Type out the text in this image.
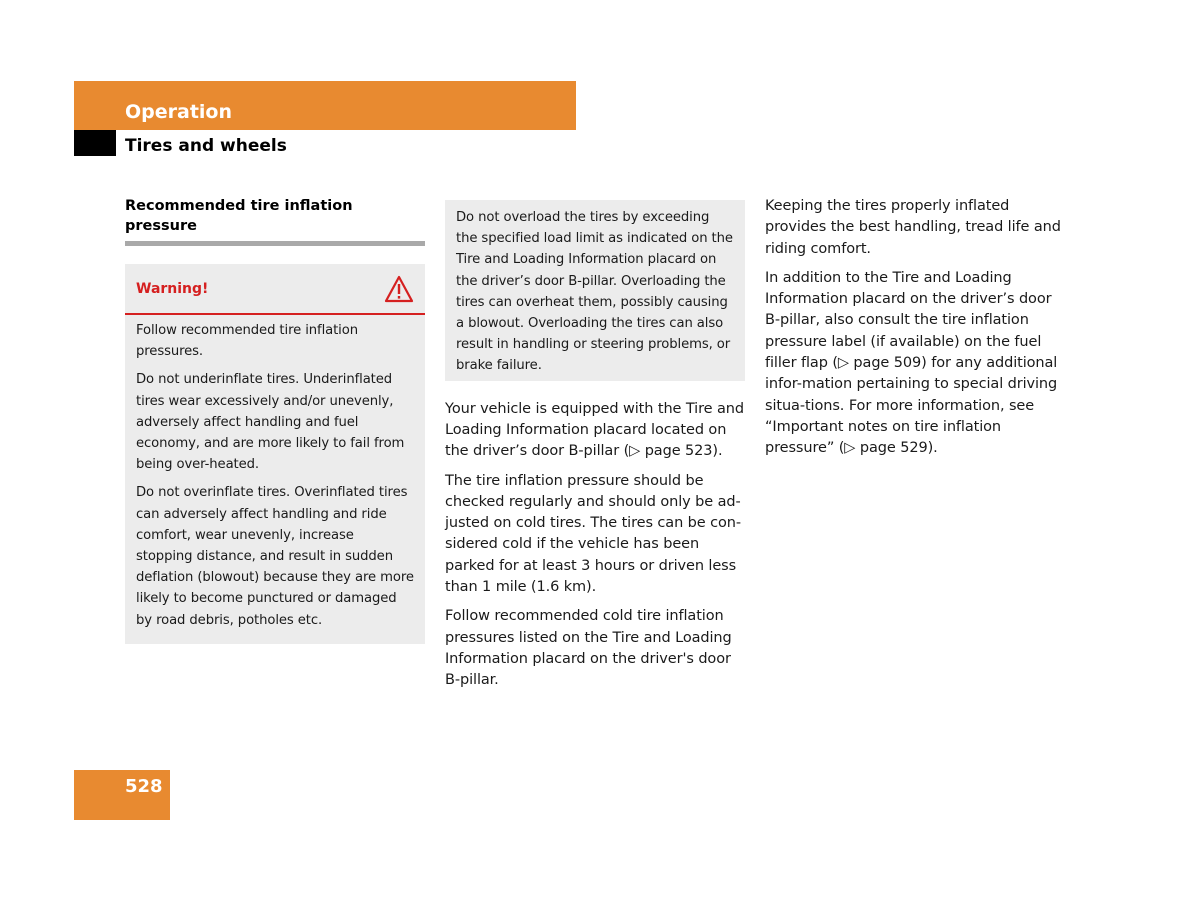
Operation
Tires and wheels
Recommended tire inflation pressure
Warning!

Follow recommended tire inflation pressures.

Do not underinflate tires. Underinflated tires wear excessively and/or unevenly, adversely affect handling and fuel economy, and are more likely to fail from being over-heated.

Do not overinflate tires. Overinflated tires can adversely affect handling and ride comfort, wear unevenly, increase stopping distance, and result in sudden deflation (blowout) because they are more likely to become punctured or damaged by road debris, potholes etc.

Do not overload the tires by exceeding the specified load limit as indicated on the Tire and Loading Information placard on the driver’s door B-pillar. Overloading the tires can overheat them, possibly causing a blowout. Overloading the tires can also result in handling or steering problems, or brake failure.

Your vehicle is equipped with the Tire and Loading Information placard located on the driver’s door B-pillar (▷ page 523).

The tire inflation pressure should be checked regularly and should only be ad-justed on cold tires. The tires can be con-sidered cold if the vehicle has been parked for at least 3 hours or driven less than 1 mile (1.6 km).

Follow recommended cold tire inflation pressures listed on the Tire and Loading Information placard on the driver's door B-pillar.

Keeping the tires properly inflated provides the best handling, tread life and riding comfort.

In addition to the Tire and Loading Information placard on the driver’s door B-pillar, also consult the tire inflation pressure label (if available) on the fuel filler flap (▷ page 509) for any additional infor-mation pertaining to special driving situa-tions. For more information, see “Important notes on tire inflation pressure” (▷ page 529).

528
